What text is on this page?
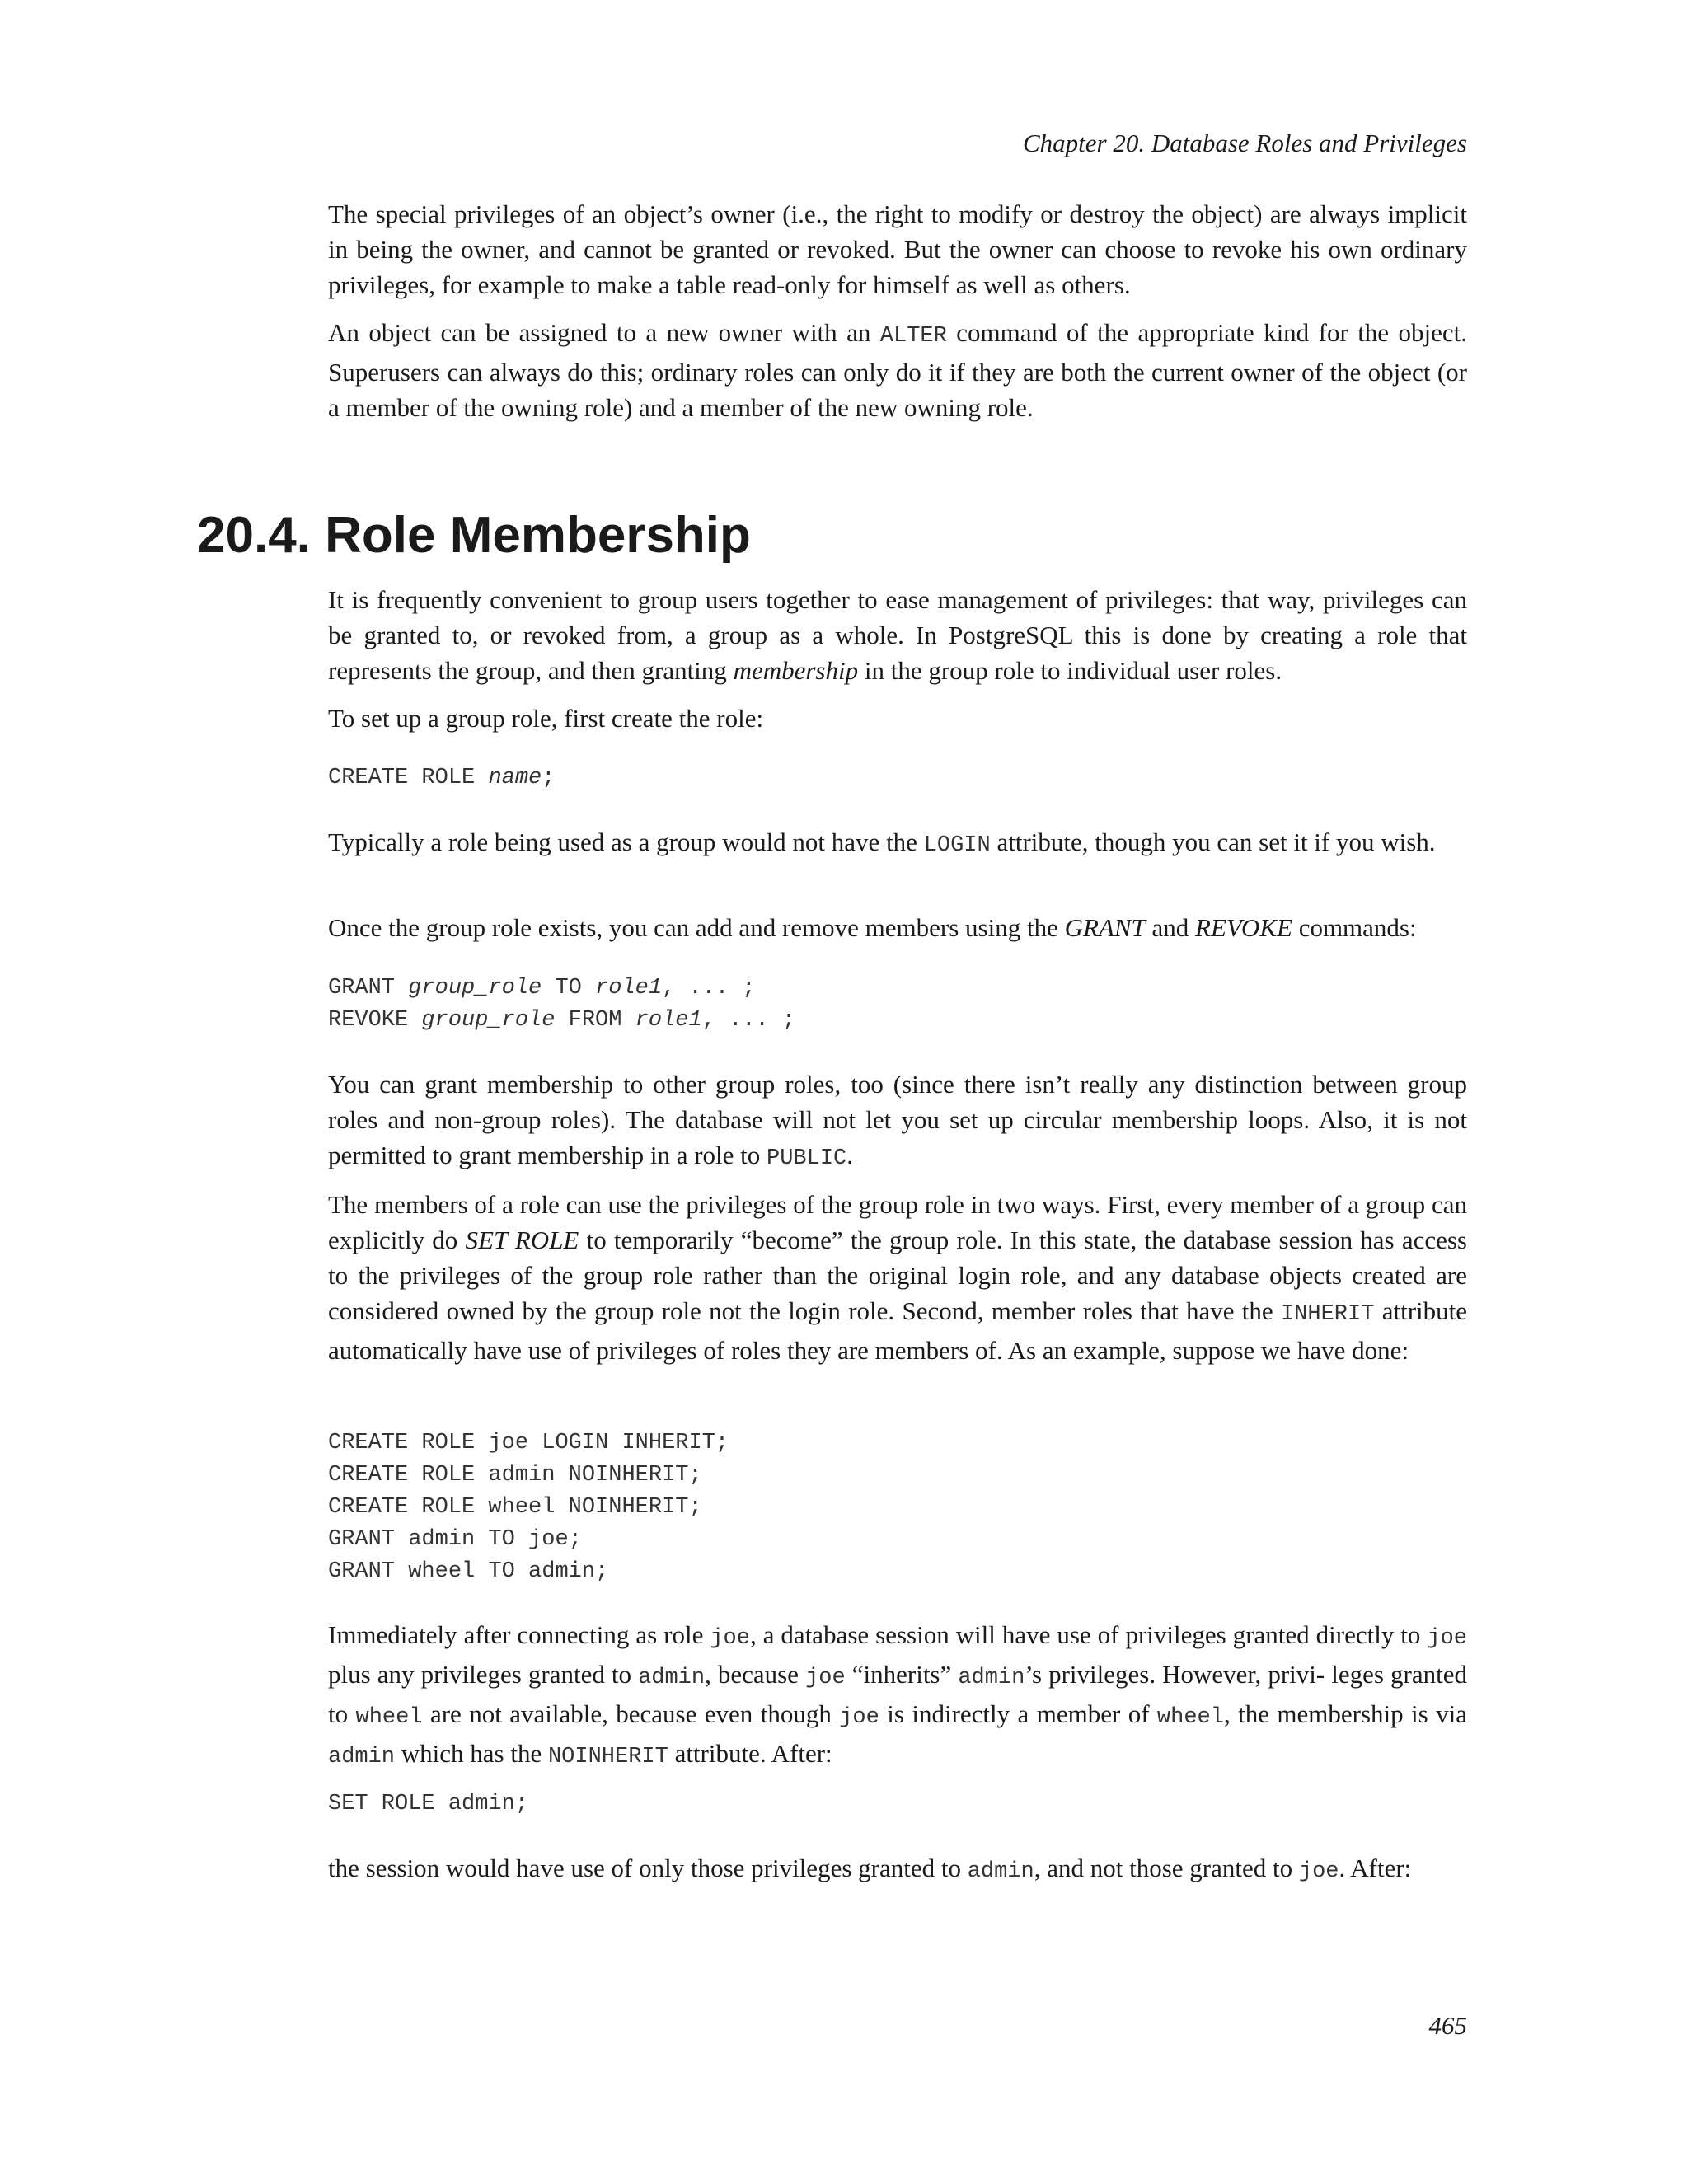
Chapter 20. Database Roles and Privileges

The special privileges of an object’s owner (i.e., the right to modify or destroy the object) are always implicit in being the owner, and cannot be granted or revoked. But the owner can choose to revoke his own ordinary privileges, for example to make a table read-only for himself as well as others.

An object can be assigned to a new owner with an ALTER command of the appropriate kind for the object. Superusers can always do this; ordinary roles can only do it if they are both the current owner of the object (or a member of the owning role) and a member of the new owning role.

20.4. Role Membership

It is frequently convenient to group users together to ease management of privileges: that way, privileges can be granted to, or revoked from, a group as a whole. In PostgreSQL this is done by creating a role that represents the group, and then granting membership in the group role to individual user roles.

To set up a group role, first create the role:

CREATE ROLE name;

Typically a role being used as a group would not have the LOGIN attribute, though you can set it if you wish.

Once the group role exists, you can add and remove members using the GRANT and REVOKE commands:

GRANT group_role TO role1, ... ;
REVOKE group_role FROM role1, ... ;

You can grant membership to other group roles, too (since there isn’t really any distinction between group roles and non-group roles). The database will not let you set up circular membership loops. Also, it is not permitted to grant membership in a role to PUBLIC.

The members of a role can use the privileges of the group role in two ways. First, every member of a group can explicitly do SET ROLE to temporarily “become” the group role. In this state, the database session has access to the privileges of the group role rather than the original login role, and any database objects created are considered owned by the group role not the login role. Second, member roles that have the INHERIT attribute automatically have use of privileges of roles they are members of. As an example, suppose we have done:

CREATE ROLE joe LOGIN INHERIT;
CREATE ROLE admin NOINHERIT;
CREATE ROLE wheel NOINHERIT;
GRANT admin TO joe;
GRANT wheel TO admin;

Immediately after connecting as role joe, a database session will have use of privileges granted directly to joe plus any privileges granted to admin, because joe “inherits” admin’s privileges. However, privi- leges granted to wheel are not available, because even though joe is indirectly a member of wheel, the membership is via admin which has the NOINHERIT attribute. After:

SET ROLE admin;

the session would have use of only those privileges granted to admin, and not those granted to joe. After:

465
